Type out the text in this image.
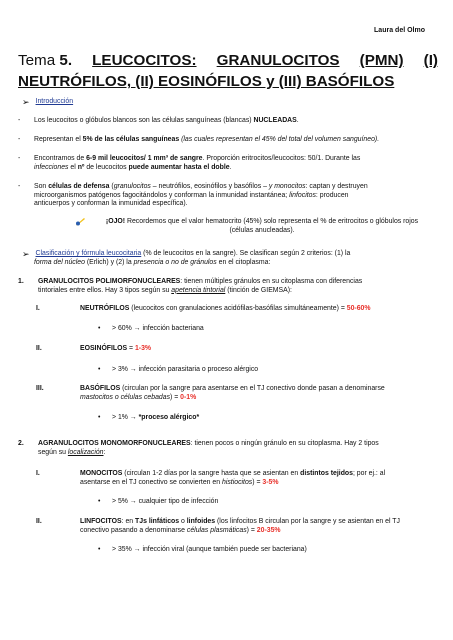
Laura del Olmo
Tema 5. LEUCOCITOS: GRANULOCITOS (PMN) (I)
NEUTRÓFILOS, (II) EOSINÓFILOS y (III) BASÓFILOS
➢ Introducción
- Los leucocitos o glóbulos blancos son las células sanguíneas (blancas) NUCLEADAS.
- Representan el 5% de las células sanguíneas (las cuales representan el 45% del total del volumen sanguíneo).
- Encontramos de 6-9 mil leucocitos/ 1 mm³ de sangre. Proporción eritrocitos/leucocitos: 50/1. Durante las
infecciones el nº de leucocitos puede aumentar hasta el doble.
- Son células de defensa (granulocitos – neutrófilos, eosinófilos y basófilos – y monocitos: captan y destruyen
microorganismos patógenos fagocitándolos y conforman la inmunidad instantánea; linfocitos: producen
anticuerpos y conforman la inmunidad específica).
¡OJO! Recordemos que el valor hematocrito (45%) solo representa el % de eritrocitos o glóbulos rojos
(células anucleadas).
➢ Clasificación y fórmula leucocitaria (% de leucocitos en la sangre). Se clasifican según 2 criterios: (1) la
forma del núcleo (Erlich) y (2) la presencia o no de gránulos en el citoplasma:
1. GRANULOCITOS POLIMORFONUCLEARES: tienen múltiples gránulos en su citoplasma con diferencias
tintoriales entre ellos. Hay 3 tipos según su apetencia tintorial (tinción de GIEMSA):
I.	NEUTRÓFILOS (leucocitos con granulaciones acidófilas-basófilas simultáneamente) = 50-60%
• > 60% → infección bacteriana
II.	EOSINÓFILOS = 1-3%
• > 3% → infección parasitaria o proceso alérgico
III.	BASÓFILOS (circulan por la sangre para asentarse en el TJ conectivo donde pasan a denominarse
mastocitos o células cebadas) = 0-1%
• > 1% → *proceso alérgico*
2. AGRANULOCITOS MONOMORFONUCLEARES: tienen pocos o ningún gránulo en su citoplasma. Hay 2 tipos
según su localización:
I.	MONOCITOS (circulan 1-2 días por la sangre hasta que se asientan en distintos tejidos; por ej.: al
asentarse en el TJ conectivo se convierten en histiocitos) = 3-5%
• > 5% → cualquier tipo de infección
II.	LINFOCITOS: en TJs linfáticos o linfoides (los linfocitos B circulan por la sangre y se asientan en el TJ
conectivo pasando a denominarse células plasmáticas) = 20-35%
• > 35% → infección viral (aunque también puede ser bacteriana)
